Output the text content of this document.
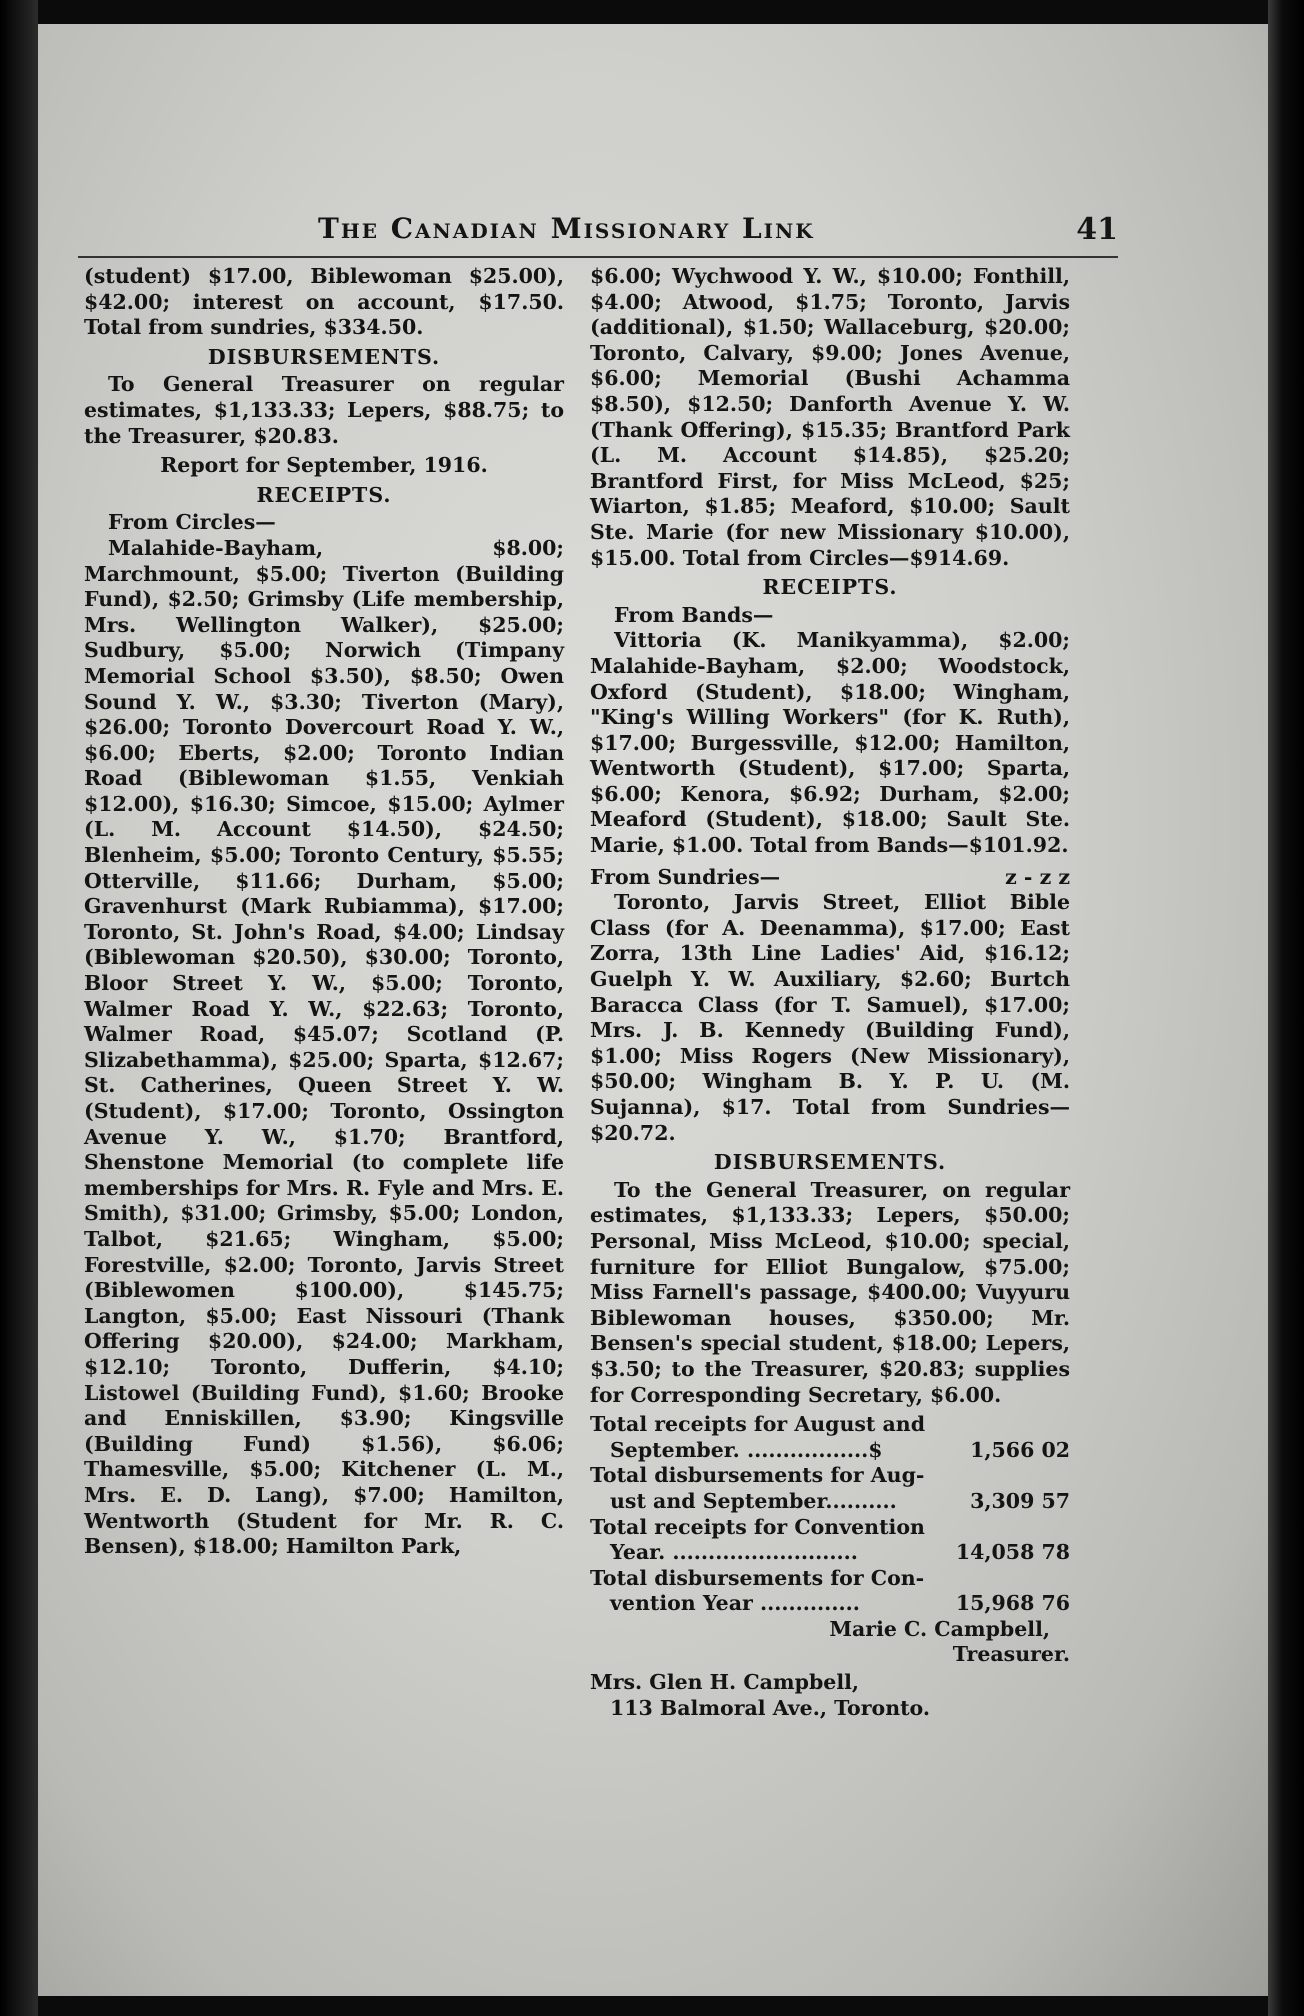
The Canadian Missionary Link	41

(student) $17.00, Biblewoman $25.00), $42.00; interest on account, $17.50. Total from sundries, $334.50.

DISBURSEMENTS.

To General Treasurer on regular estimates, $1,133.33; Lepers, $88.75; to the Treasurer, $20.83.

Report for September, 1916.
RECEIPTS.

From Circles—

Malahide-Bayham, $8.00; Marchmount, $5.00; Tiverton (Building Fund), $2.50; Grimsby (Life membership, Mrs. Wellington Walker), $25.00; Sudbury, $5.00; Norwich (Timpany Memorial School $3.50), $8.50; Owen Sound Y. W., $3.30; Tiverton (Mary), $26.00; Toronto Dovercourt Road Y. W., $6.00; Eberts, $2.00; Toronto Indian Road (Biblewoman $1.55, Venkiah $12.00), $16.30; Simcoe, $15.00; Aylmer (L. M. Account $14.50), $24.50; Blenheim, $5.00; Toronto Century, $5.55; Otterville, $11.66; Durham, $5.00; Gravenhurst (Mark Rubiamma), $17.00; Toronto, St. John's Road, $4.00; Lindsay (Biblewoman $20.50), $30.00; Toronto, Bloor Street Y. W., $5.00; Toronto, Walmer Road Y. W., $22.63; Toronto, Walmer Road, $45.07; Scotland (P. Slizabethamma), $25.00; Sparta, $12.67; St. Catherines, Queen Street Y. W. (Student), $17.00; Toronto, Ossington Avenue Y. W., $1.70; Brantford, Shenstone Memorial (to complete life memberships for Mrs. R. Fyle and Mrs. E. Smith), $31.00; Grimsby, $5.00; London, Talbot, $21.65; Wingham, $5.00; Forestville, $2.00; Toronto, Jarvis Street (Biblewomen $100.00), $145.75; Langton, $5.00; East Nissouri (Thank Offering $20.00), $24.00; Markham, $12.10; Toronto, Dufferin, $4.10; Listowel (Building Fund), $1.60; Brooke and Enniskillen, $3.90; Kingsville (Building Fund) $1.56), $6.06; Thamesville, $5.00; Kitchener (L. M., Mrs. E. D. Lang), $7.00; Hamilton, Wentworth (Student for Mr. R. C. Bensen), $18.00; Hamilton Park,

$6.00; Wychwood Y. W., $10.00; Fonthill, $4.00; Atwood, $1.75; Toronto, Jarvis (additional), $1.50; Wallaceburg, $20.00; Toronto, Calvary, $9.00; Jones Avenue, $6.00; Memorial (Bushi Achamma $8.50), $12.50; Danforth Avenue Y. W. (Thank Offering), $15.35; Brantford Park (L. M. Account $14.85), $25.20; Brantford First, for Miss McLeod, $25; Wiarton, $1.85; Meaford, $10.00; Sault Ste. Marie (for new Missionary $10.00), $15.00. Total from Circles—$914.69.

RECEIPTS.

From Bands—

Vittoria (K. Manikyamma), $2.00; Malahide-Bayham, $2.00; Woodstock, Oxford (Student), $18.00; Wingham, "King's Willing Workers" (for K. Ruth), $17.00; Burgessville, $12.00; Hamilton, Wentworth (Student), $17.00; Sparta, $6.00; Kenora, $6.92; Durham, $2.00; Meaford (Student), $18.00; Sault Ste. Marie, $1.00. Total from Bands—$101.92.

From Sundries—	z - z z

Toronto, Jarvis Street, Elliot Bible Class (for A. Deenamma), $17.00; East Zorra, 13th Line Ladies' Aid, $16.12; Guelph Y. W. Auxiliary, $2.60; Burtch Baracca Class (for T. Samuel), $17.00; Mrs. J. B. Kennedy (Building Fund), $1.00; Miss Rogers (New Missionary), $50.00; Wingham B. Y. P. U. (M. Sujanna), $17. Total from Sundries—$20.72.

DISBURSEMENTS.

To the General Treasurer, on regular estimates, $1,133.33; Lepers, $50.00; Personal, Miss McLeod, $10.00; special, furniture for Elliot Bungalow, $75.00; Miss Farnell's passage, $400.00; Vuyyuru Biblewoman houses, $350.00; Mr. Bensen's special student, $18.00; Lepers, $3.50; to the Treasurer, $20.83; supplies for Corresponding Secretary, $6.00.

Total receipts for August and
September. .................$	1,566 02
Total disbursements for Aug-
ust and September..........	3,309 57
Total receipts for Convention
Year. ..........................	14,058 78
Total disbursements for Con-
vention Year ..............	15,968 76
Marie C. Campbell,
Treasurer.
Mrs. Glen H. Campbell,
113 Balmoral Ave., Toronto.
